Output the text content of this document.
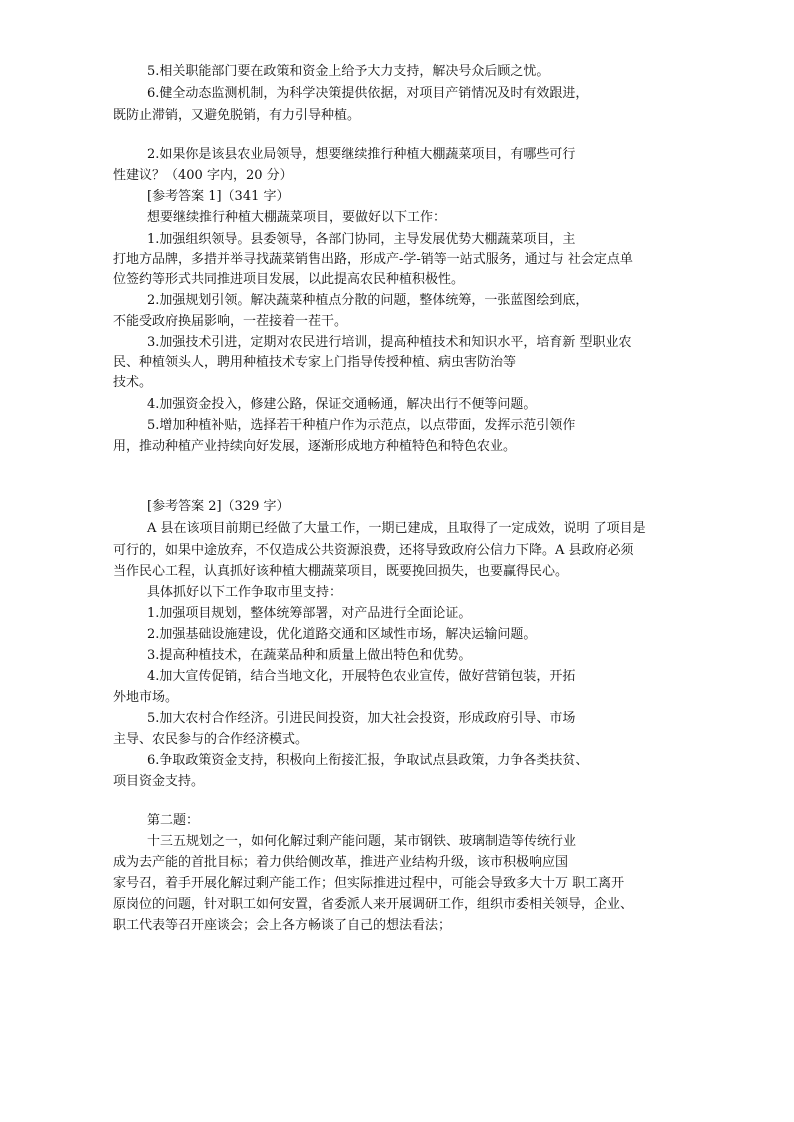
5.相关职能部门要在政策和资金上给予大力支持，解决号众后顾之忧。
6.健全动态监测机制，为科学决策提供依据，对项目产销情况及时有效跟进，
既防止滞销，又避免脱销，有力引导种植。
2.如果你是该县农业局领导，想要继续推行种植大棚蔬菜项目，有哪些可行
性建议？（400 字内，20 分）
[参考答案 1]（341 字）
想要继续推行种植大棚蔬菜项目，要做好以下工作：
1.加强组织领导。县委领导，各部门协同，主导发展优势大棚蔬菜项目，主
打地方品牌，多措并举寻找蔬菜销售出路，形成产-学-销等一站式服务，通过与 社会定点单
位签约等形式共同推进项目发展，以此提高农民种植积极性。
2.加强规划引领。解决蔬菜种植点分散的问题，整体统筹，一张蓝图绘到底，
不能受政府换届影响，一茬接着一茬干。
3.加强技术引进，定期对农民进行培训，提高种植技术和知识水平，培育新 型职业农
民、种植领头人，聘用种植技术专家上门指导传授种植、病虫害防治等
技术。
4.加强资金投入，修建公路，保证交通畅通，解决出行不便等问题。
5.增加种植补贴，选择若干种植户作为示范点，以点带面，发挥示范引领作
用，推动种植产业持续向好发展，逐渐形成地方种植特色和特色农业。
[参考答案 2]（329 字）
A 县在该项目前期已经做了大量工作，一期已建成，且取得了一定成效，说明 了项目是
可行的，如果中途放弃，不仅造成公共资源浪费，还将导致政府公信力下降。A 县政府必须
当作民心工程，认真抓好该种植大棚蔬菜项目，既要挽回损失，也要赢得民心。
具体抓好以下工作争取市里支持：
1.加强项目规划，整体统筹部署，对产品进行全面论证。
2.加强基础设施建设，优化道路交通和区域性市场，解决运输问题。
3.提高种植技术，在蔬菜品种和质量上做出特色和优势。
4.加大宣传促销，结合当地文化，开展特色农业宣传，做好营销包装，开拓
外地市场。
5.加大农村合作经济。引进民间投资，加大社会投资，形成政府引导、市场
主导、农民参与的合作经济模式。
6.争取政策资金支持，积极向上衔接汇报，争取试点县政策，力争各类扶贫、
项目资金支持。
第二题：
十三五规划之一，如何化解过剩产能问题，某市钢铁、玻璃制造等传统行业
成为去产能的首批目标；着力供给侧改革，推进产业结构升级，该市积极响应国
家号召，着手开展化解过剩产能工作；但实际推进过程中，可能会导致多大十万 职工离开
原岗位的问题，针对职工如何安置，省委派人来开展调研工作，组织市委相关领导，企业、
职工代表等召开座谈会；会上各方畅谈了自己的想法看法；
